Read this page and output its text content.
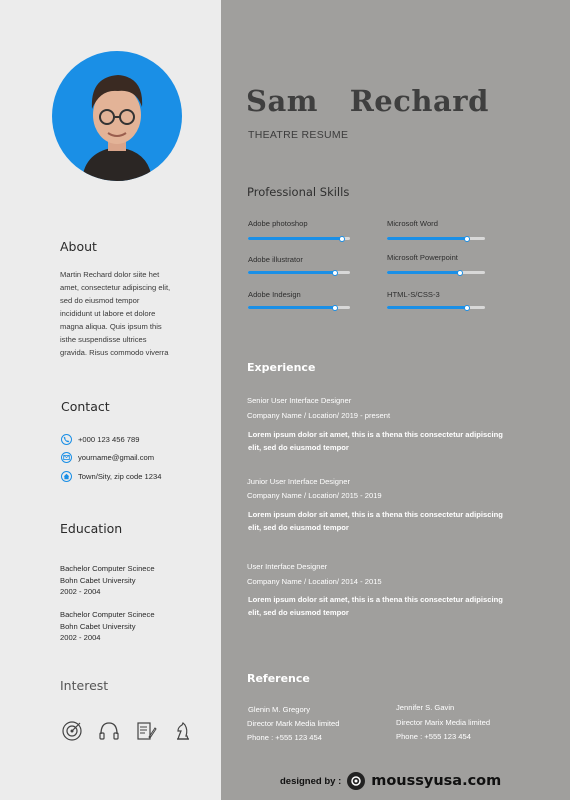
Sam   Rechard
THEATRE RESUME
About
Martin Rechard dolor siite het
amet, consectetur adipiscing elit,
sed do eiusmod tempor
incididunt ut labore et dolore
magna aliqua. Quis ipsum this
isthe suspendisse ultrices
gravida. Risus commodo viverra
Contact
+000 123 456 789
yourname@gmail.com
Town/Sity, zip code 1234
Education
Bachelor Computer Scinece
Bohn Cabet University
2002 - 2004
Bachelor Computer Scinece
Bohn Cabet University
2002 - 2004
Interest
Professional Skills
Adobe photoshop	Microsoft Word
Adobe illustrator	Microsoft Powerpoint
Adobe Indesign	HTML-S/CSS-3
Experience
Senior User Interface Designer
Company Name / Location/ 2019 - present
Lorem ipsum dolor sit amet, this is a thena this consectetur adipiscing
elit, sed do eiusmod tempor
Junior User Interface Designer
Company Name / Location/ 2015 - 2019
Lorem ipsum dolor sit amet, this is a thena this consectetur adipiscing
elit, sed do eiusmod tempor
User Interface Designer
Company Name / Location/ 2014 - 2015
Lorem ipsum dolor sit amet, this is a thena this consectetur adipiscing
elit, sed do eiusmod tempor
Reference
Glenin M. Gregory
Director Mark Media limited
Phone : +555 123 454
Jennifer S. Gavin
Director Marix Media limited
Phone : +555 123 454
designed by : moussyusa.com
